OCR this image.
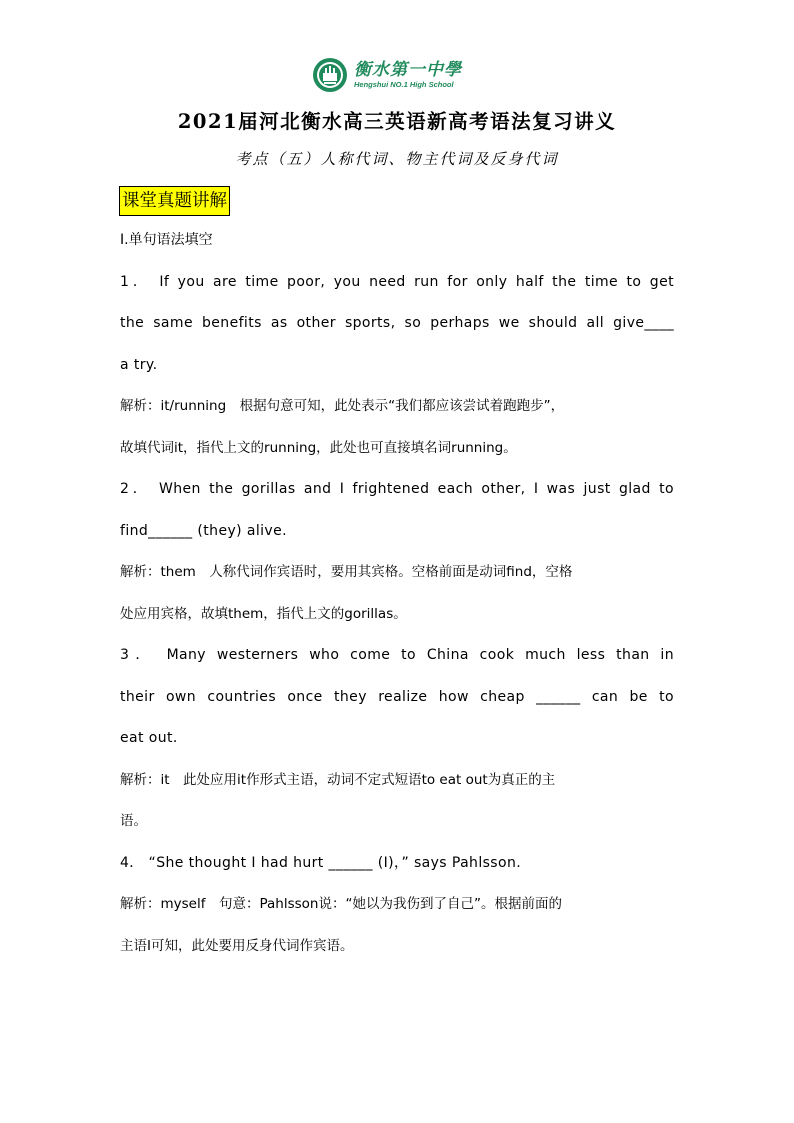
衡水第一中學
Hengshui NO.1 High School
2021届河北衡水高三英语新高考语法复习讲义
考点（五）人称代词、物主代词及反身代词
课堂真题讲解
Ⅰ.单句语法填空
1． If you are time poor, you need run for only half the time to get
the same benefits as other sports, so perhaps we should all give____
a try.
解析：it/running　根据句意可知，此处表示“我们都应该尝试着跑跑步”，
故填代词it，指代上文的running，此处也可直接填名词running。
2． When the gorillas and I frightened each other, I was just glad to
find______ (they) alive.
解析：them　人称代词作宾语时，要用其宾格。空格前面是动词find，空格
处应用宾格，故填them，指代上文的gorillas。
3． Many westerners who come to China cook much less than in
their own countries once they realize how cheap ______ can be to
eat out.
解析：it　此处应用it作形式主语，动词不定式短语to eat out为真正的主
语。
4． “She thought I had hurt ______ (I)，” says Pahlsson.
解析：myself　句意：Pahlsson说：“她以为我伤到了自己”。根据前面的
主语I可知，此处要用反身代词作宾语。
